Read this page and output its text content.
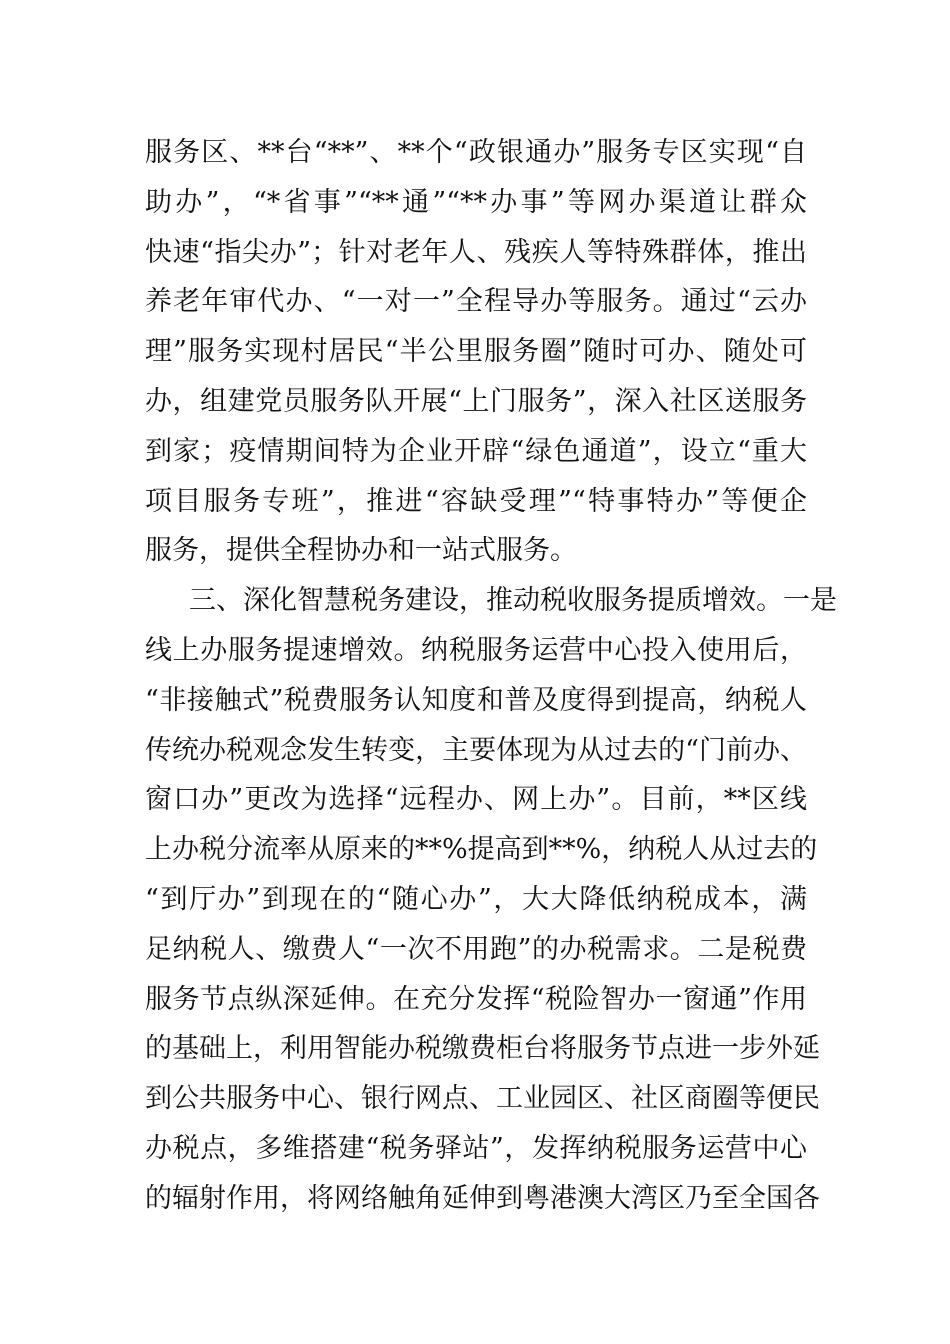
服务区、**台“**”、**个“政银通办”服务专区实现“自
助办”，“*省事”“**通”“**办事”等网办渠道让群众
快速“指尖办”；针对老年人、残疾人等特殊群体，推出
养老年审代办、“一对一”全程导办等服务。通过“云办
理”服务实现村居民“半公里服务圈”随时可办、随处可
办，组建党员服务队开展“上门服务”，深入社区送服务
到家；疫情期间特为企业开辟“绿色通道”，设立“重大
项目服务专班”，推进“容缺受理”“特事特办”等便企
服务，提供全程协办和一站式服务。
三、深化智慧税务建设，推动税收服务提质增效。一是
线上办服务提速增效。纳税服务运营中心投入使用后，
“非接触式”税费服务认知度和普及度得到提高，纳税人
传统办税观念发生转变，主要体现为从过去的“门前办、
窗口办”更改为选择“远程办、网上办”。目前，**区线
上办税分流率从原来的**%提高到**%，纳税人从过去的
“到厅办”到现在的“随心办”，大大降低纳税成本，满
足纳税人、缴费人“一次不用跑”的办税需求。二是税费
服务节点纵深延伸。在充分发挥“税险智办一窗通”作用
的基础上，利用智能办税缴费柜台将服务节点进一步外延
到公共服务中心、银行网点、工业园区、社区商圈等便民
办税点，多维搭建“税务驿站”，发挥纳税服务运营中心
的辐射作用，将网络触角延伸到粤港澳大湾区乃至全国各
